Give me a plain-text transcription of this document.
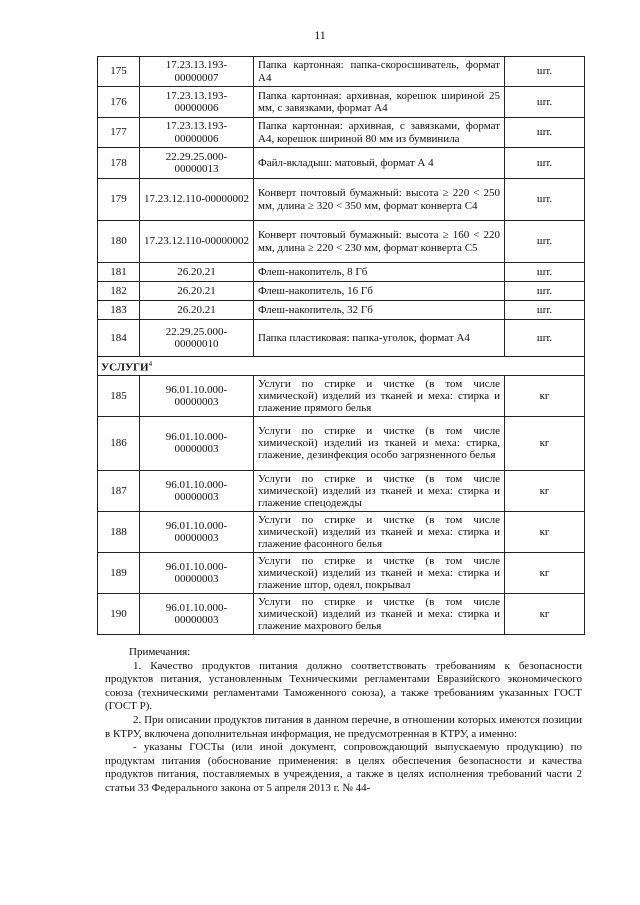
11
175	17.23.13.193-00000007	Папка картонная: папка-скоросшиватель, формат А4	шт.
176	17.23.13.193-00000006	Папка картонная: архивная, корешок шириной 25 мм, с завязками, формат А4	шт.
177	17.23.13.193-00000006	Папка картонная: архивная, с завязками, формат А4, корешок шириной 80 мм из бумвинила	шт.
178	22.29.25.000-00000013	Файл-вкладыш: матовый, формат А 4	шт.
179	17.23.12.110-00000002	Конверт почтовый бумажный: высота ≥ 220 < 250 мм, длина ≥ 320 < 350 мм, формат конверта С4	шт.
180	17.23.12.110-00000002	Конверт почтовый бумажный: высота ≥ 160 < 220 мм, длина ≥ 220 < 230 мм, формат конверта С5	шт.
181	26.20.21	Флеш-накопитель, 8 Гб	шт.
182	26.20.21	Флеш-накопитель, 16 Гб	шт.
183	26.20.21	Флеш-накопитель, 32 Гб	шт.
184	22.29.25.000-00000010	Папка пластиковая: папка-уголок, формат А4	шт.
УСЛУГИ$^4$
185	96.01.10.000-00000003	Услуги по стирке и чистке (в том числе химической) изделий из тканей и меха: стирка и глажение прямого белья	кг
186	96.01.10.000-00000003	Услуги по стирке и чистке (в том числе химической) изделий из тканей и меха: стирка, глажение, дезинфекция особо загрязненного белья	кг
187	96.01.10.000-00000003	Услуги по стирке и чистке (в том числе химической) изделий из тканей и меха: стирка и глажение спецодежды	кг
188	96.01.10.000-00000003	Услуги по стирке и чистке (в том числе химической) изделий из тканей и меха: стирка и глажение фасонного белья	кг
189	96.01.10.000-00000003	Услуги по стирке и чистке (в том числе химической) изделий из тканей и меха: стирка и глажение штор, одеял, покрывал	кг
190	96.01.10.000-00000003	Услуги по стирке и чистке (в том числе химической) изделий из тканей и меха: стирка и глажение махрового белья	кг

Примечания:

1. Качество продуктов питания должно соответствовать требованиям к безопасности продуктов питания, установленным Техническими регламентами Евразийского экономического союза (техническими регламентами Таможенного союза), а также требованиям указанных ГОСТ (ГОСТ Р).

2. При описании продуктов питания в данном перечне, в отношении которых имеются позиции в КТРУ, включена дополнительная информация, не предусмотренная в КТРУ, а именно:

- указаны ГОСТы (или иной документ, сопровождающий выпускаемую продукцию) по продуктам питания (обоснование применения: в целях обеспечения безопасности и качества продуктов питания, поставляемых в учреждения, а также в целях исполнения требований части 2 статьи 33 Федерального закона от 5 апреля 2013 г. № 44-
